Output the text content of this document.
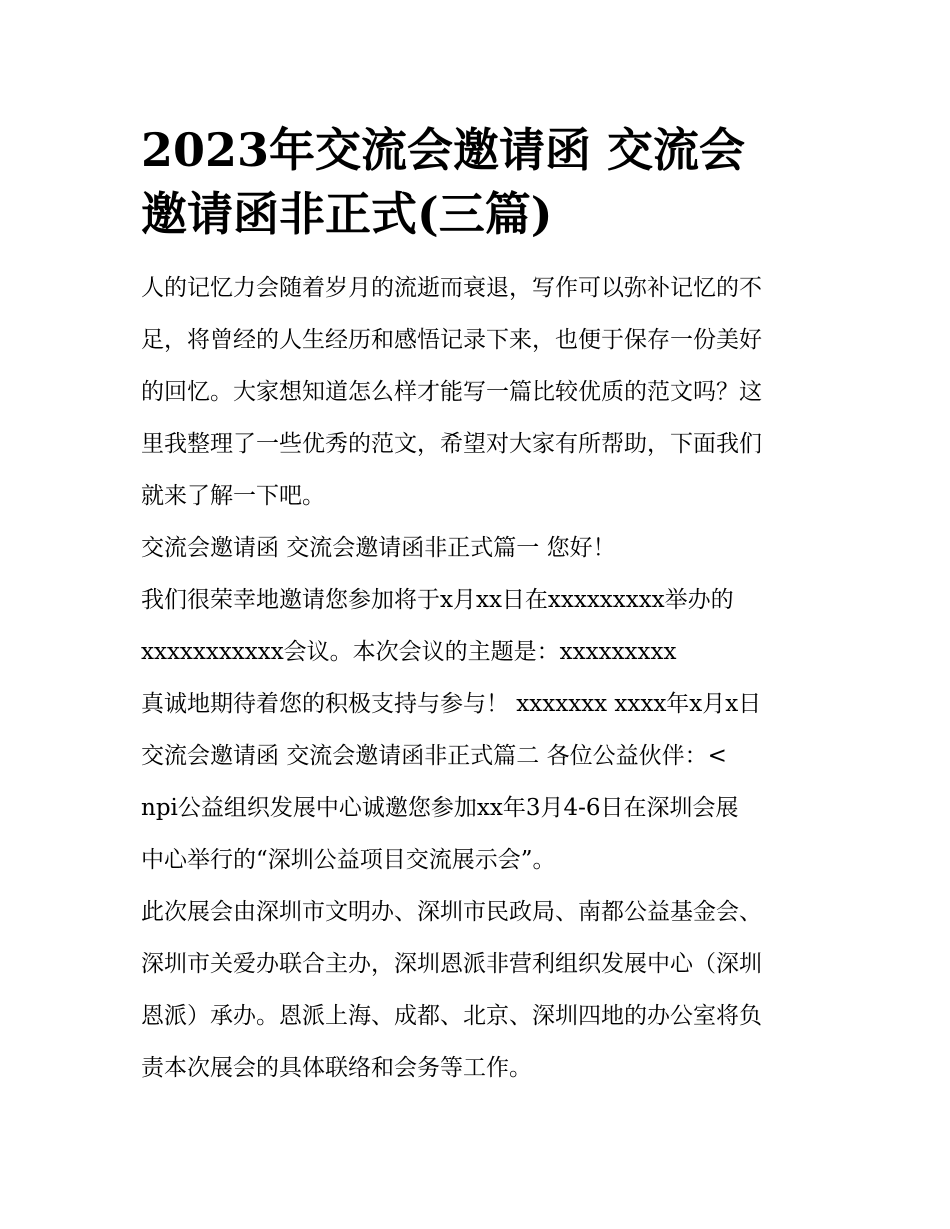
2023年交流会邀请函 交流会
邀请函非正式(三篇)
人的记忆力会随着岁月的流逝而衰退，写作可以弥补记忆的不
足，将曾经的人生经历和感悟记录下来，也便于保存一份美好
的回忆。大家想知道怎么样才能写一篇比较优质的范文吗？这
里我整理了一些优秀的范文，希望对大家有所帮助，下面我们
就来了解一下吧。
交流会邀请函 交流会邀请函非正式篇一 您好！
我们很荣幸地邀请您参加将于x月xx日在xxxxxxxxx举办的
xxxxxxxxxxx会议。本次会议的主题是：xxxxxxxxx
真诚地期待着您的积极支持与参与！ xxxxxxx xxxx年x月x日
交流会邀请函 交流会邀请函非正式篇二 各位公益伙伴：<
npi公益组织发展中心诚邀您参加xx年3月4-6日在深圳会展
中心举行的“深圳公益项目交流展示会”。
此次展会由深圳市文明办、深圳市民政局、南都公益基金会、
深圳市关爱办联合主办，深圳恩派非营利组织发展中心（深圳
恩派）承办。恩派上海、成都、北京、深圳四地的办公室将负
责本次展会的具体联络和会务等工作。
